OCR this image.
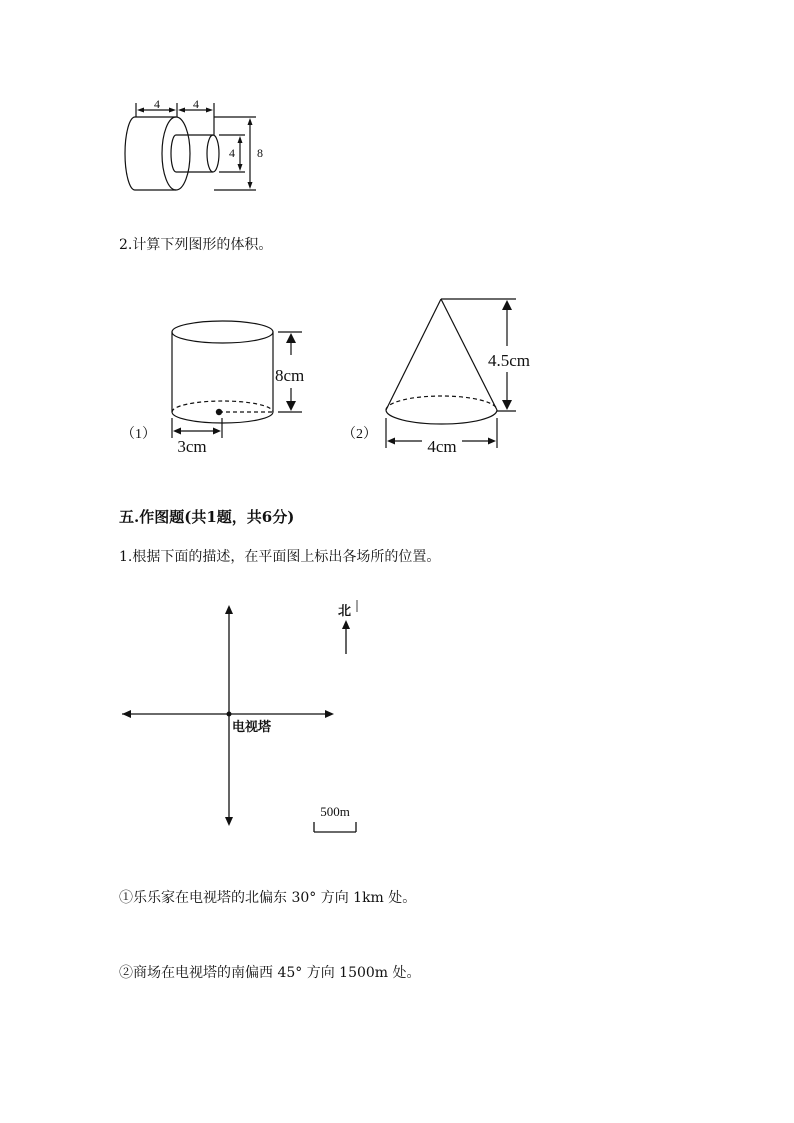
4	4
4 8
2.计算下列图形的体积。
8cm
3cm
（1）
4.5cm
4cm
（2）
五.作图题(共1题，共6分)
1.根据下面的描述，在平面图上标出各场所的位置。
北
电视塔
500m
①乐乐家在电视塔的北偏东 30° 方向 1km 处。
②商场在电视塔的南偏西 45° 方向 1500m 处。
